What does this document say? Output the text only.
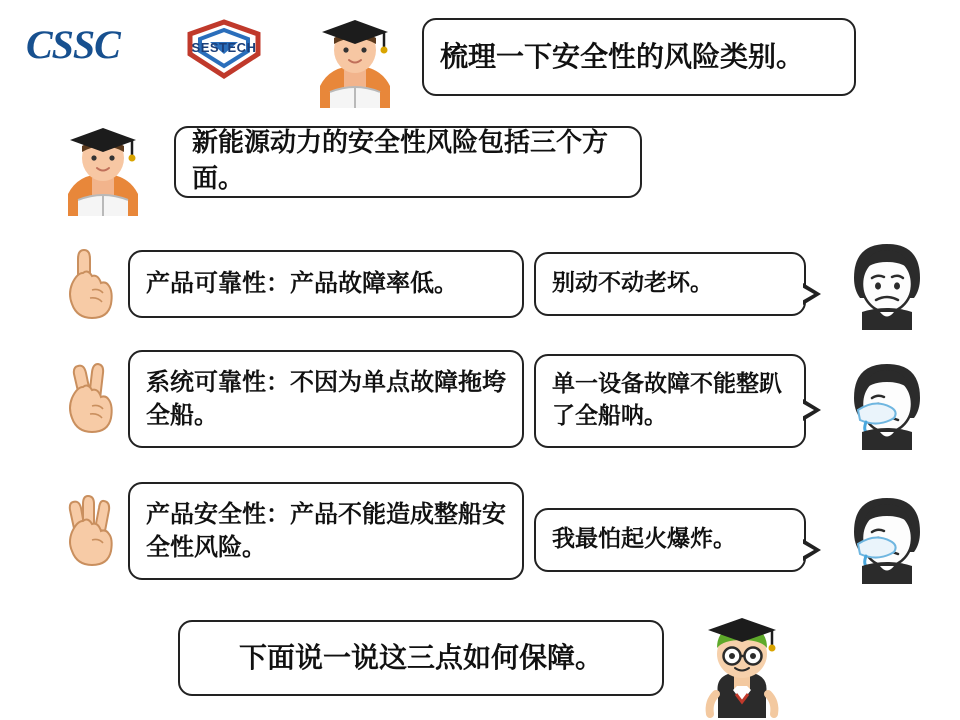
CSSC	SESTECH	梳理一下安全性的风险类别。
新能源动力的安全性风险包括三个方面。
产品可靠性：产品故障率低。	别动不动老坏。
系统可靠性：不因为单点故障拖垮全船。
单一设备故障不能整趴了全船呐。
产品安全性：产品不能造成整船安全性风险。	我最怕起火爆炸。
下面说一说这三点如何保障。
